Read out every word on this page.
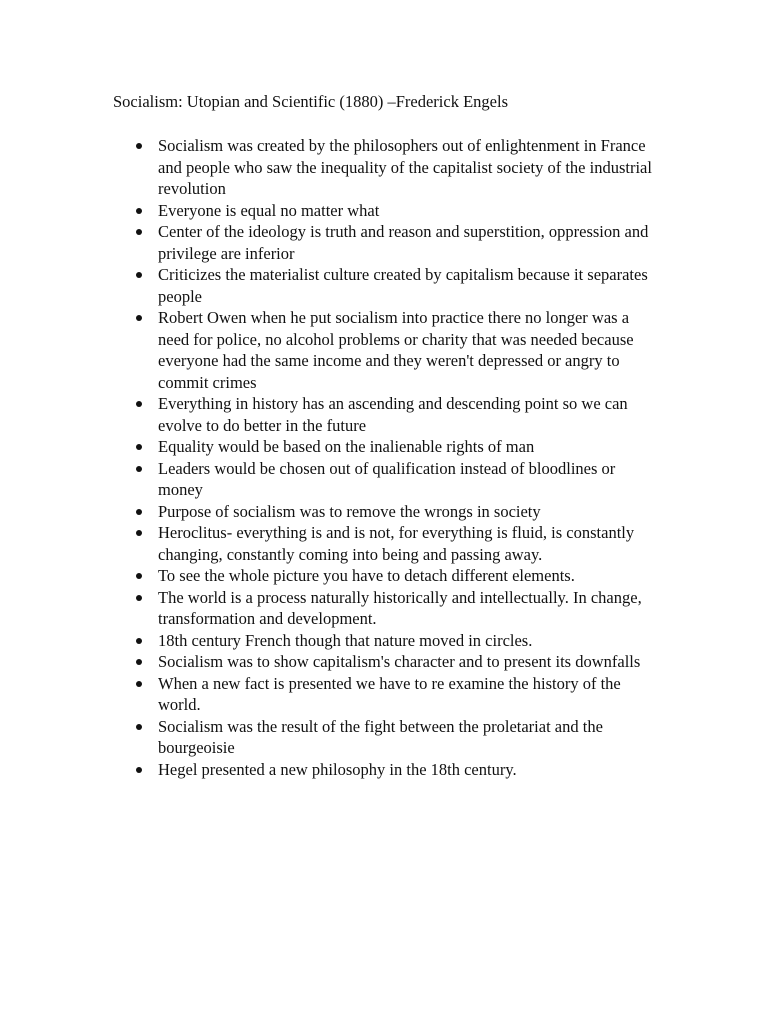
Socialism: Utopian and Scientific (1880) –Frederick Engels
Socialism was created by the philosophers out of enlightenment in France and people who saw the inequality of the capitalist society of the industrial revolution
Everyone is equal no matter what
Center of the ideology is truth and reason and superstition, oppression and privilege are inferior
Criticizes the materialist culture created by capitalism because it separates people
Robert Owen when he put socialism into practice there no longer was a need for police, no alcohol problems or charity that was needed because everyone had the same income and they weren't depressed or angry to commit crimes
Everything in history has an ascending and descending point so we can evolve to do better in the future
Equality would be based on the inalienable rights of man
Leaders would be chosen out of qualification instead of bloodlines or money
Purpose of socialism was to remove the wrongs in society
Heroclitus- everything is and is not, for everything is fluid, is constantly changing, constantly coming into being and passing away.
To see the whole picture you have to detach different elements.
The world is a process naturally historically and intellectually. In change, transformation and development.
18th century French though that nature moved in circles.
Socialism was to show capitalism's character and to present its downfalls
When a new fact is presented we have to re examine the history of the world.
Socialism was the result of the fight between the proletariat and the bourgeoisie
Hegel presented a new philosophy in the 18th century.
